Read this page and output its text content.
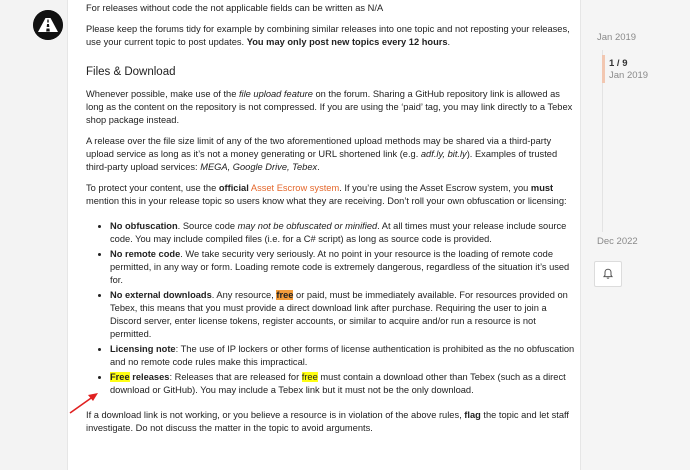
For releases without code the not applicable fields can be written as N/A

Please keep the forums tidy for example by combining similar releases into one topic and not reposting your releases, use your current topic to post updates. You may only post new topics every 12 hours.

Files & Download

Whenever possible, make use of the file upload feature on the forum. Sharing a GitHub repository link is allowed as long as the content on the repository is not compressed. If you are using the ‘paid’ tag, you may link directly to a Tebex shop package instead.

A release over the file size limit of any of the two aforementioned upload methods may be shared via a third-party upload service as long as it’s not a money generating or URL shortened link (e.g. adf.ly, bit.ly). Examples of trusted third-party upload services: MEGA, Google Drive, Tebex.

To protect your content, use the official Asset Escrow system. If you’re using the Asset Escrow system, you must mention this in your release topic so users know what they are receiving. Don’t roll your own obfuscation or licensing:

• No obfuscation. Source code may not be obfuscated or minified. At all times must your release include source code. You may include compiled files (i.e. for a C# script) as long as source code is provided.
• No remote code. We take security very seriously. At no point in your resource is the loading of remote code permitted, in any way or form. Loading remote code is extremely dangerous, regardless of the situation it’s used for.
• No external downloads. Any resource, free or paid, must be immediately available. For resources provided on Tebex, this means that you must provide a direct download link after purchase. Requiring the user to join a Discord server, enter license tokens, register accounts, or similar to acquire and/or run a resource is not permitted.
• Licensing note: The use of IP lockers or other forms of license authentication is prohibited as the no obfuscation and no remote code rules make this impractical.
• Free releases: Releases that are released for free must contain a download other than Tebex (such as a direct download or GitHub). You may include a Tebex link but it must not be the only download.

If a download link is not working, or you believe a resource is in violation of the above rules, flag the topic and let staff investigate. Do not discuss the matter in the topic to avoid arguments.

Jan 2019
1 / 9
Jan 2019
Dec 2022
